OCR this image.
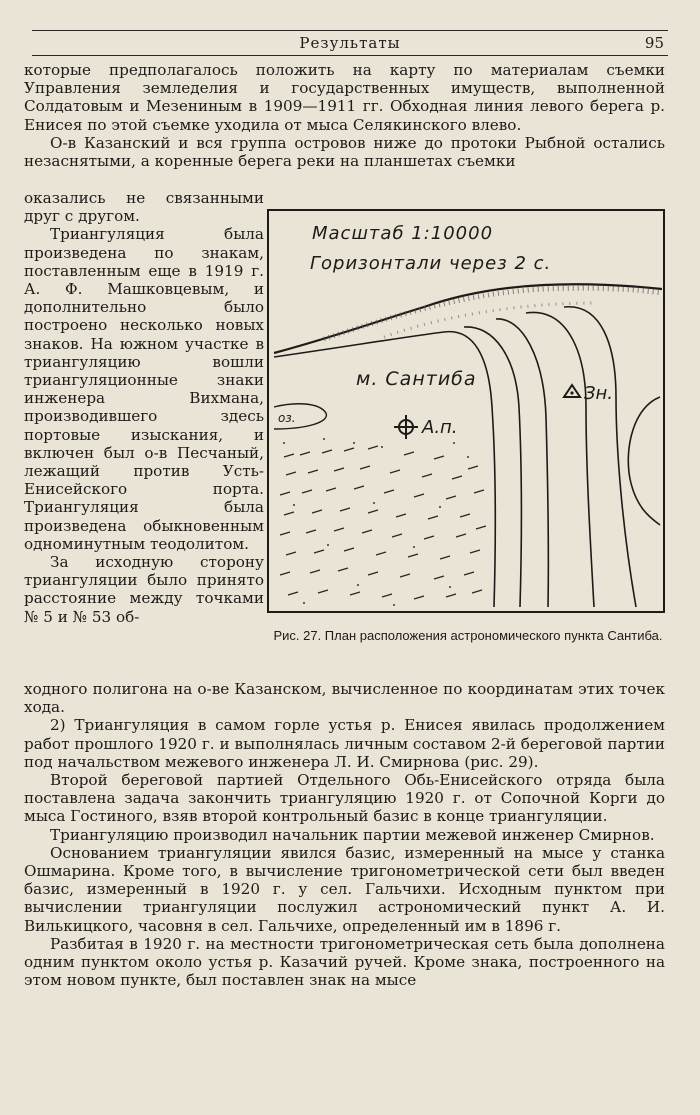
Результаты	95

которые предполагалось положить на карту по материалам съемки Управления земледелия и государственных имуществ, выполненной Солдатовым и Мезениным в 1909—1911 гг. Обходная линия левого берега р. Енисея по этой съемке уходила от мыса Селякинского влево.

О-в Казанский и вся группа островов ниже до протоки Рыбной остались незаснятыми, а коренные берега реки на планшетах съемки

оказались не связанными друг с другом.

Триангуляция была произведена по знакам, поставленным еще в 1919 г. А. Ф. Машковцевым, и дополнительно было построено несколько новых знаков. На южном участке в триангуляцию вошли триангуляционные знаки инженера Вихмана, производившего здесь портовые изыскания, и включен был о-в Песчаный, лежащий против Усть-Енисейского порта. Триангуляция была произведена обыкновенным одноминутным теодолитом.

За исходную сторону триангуляции было принято расстояние между точками № 5 и № 53 об-

Масштаб 1:10000
Горизонтали через 2 с.
оз.
м. Сантиба
Зн.
А.п.
Рис. 27. План расположения астрономического пункта Сантиба.

ходного полигона на о-ве Казанском, вычисленное по координатам этих точек хода.

2) Триангуляция в самом горле устья р. Енисея явилась продолжением работ прошлого 1920 г. и выполнялась личным составом 2-й береговой партии под начальством межевого инженера Л. И. Смирнова (рис. 29).

Второй береговой партией Отдельного Обь-Енисейского отряда была поставлена задача закончить триангуляцию 1920 г. от Сопочной Корги до мыса Гостиного, взяв второй контрольный базис в конце триангуляции.

Триангуляцию производил начальник партии межевой инженер Смирнов.

Основанием триангуляции явился базис, измеренный на мысе у станка Ошмарина. Кроме того, в вычисление тригонометрической сети был введен базис, измеренный в 1920 г. у сел. Гальчихи. Исходным пунктом при вычислении триангуляции послужил астрономический пункт А. И. Вилькицкого, часовня в сел. Гальчихе, определенный им в 1896 г.

Разбитая в 1920 г. на местности тригонометрическая сеть была дополнена одним пунктом около устья р. Казачий ручей. Кроме знака, построенного на этом новом пункте, был поставлен знак на мысе
